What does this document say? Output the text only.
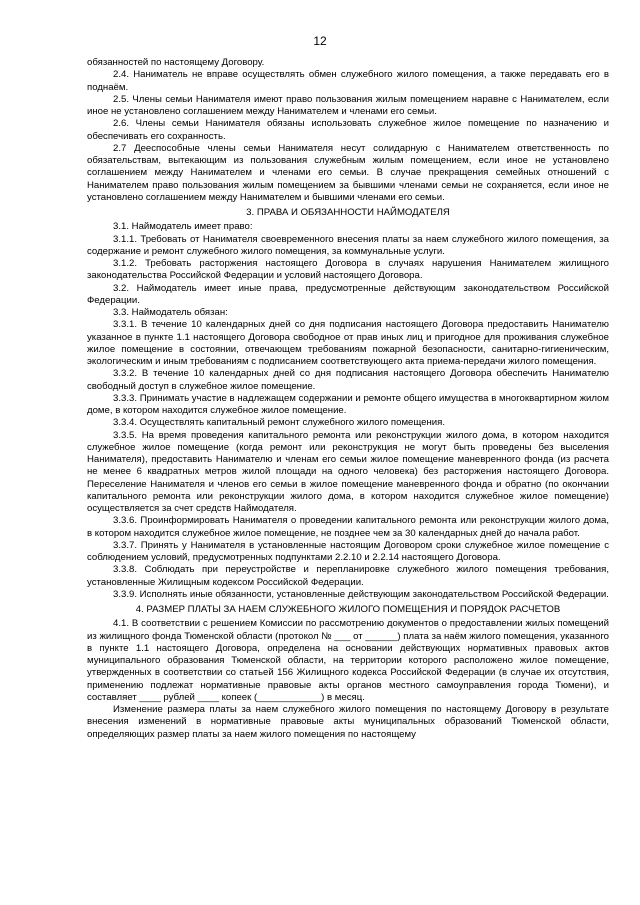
12

обязанностей по настоящему Договору.

2.4. Наниматель не вправе осуществлять обмен служебного жилого помещения, а также передавать его в поднаём.

2.5. Члены семьи Нанимателя имеют право пользования жилым помещением наравне с Нанимателем, если иное не установлено соглашением между Нанимателем и членами его семьи.

2.6. Члены семьи Нанимателя обязаны использовать служебное жилое помещение по назначению и обеспечивать его сохранность.

2.7 Дееспособные члены семьи Нанимателя несут солидарную с Нанимателем ответственность по обязательствам, вытекающим из пользования служебным жилым помещением, если иное не установлено соглашением между Нанимателем и членами его семьи. В случае прекращения семейных отношений с Нанимателем право пользования жилым помещением за бывшими членами семьи не сохраняется, если иное не установлено соглашением между Нанимателем и бывшими членами его семьи.

3. ПРАВА И ОБЯЗАННОСТИ НАЙМОДАТЕЛЯ

3.1. Наймодатель имеет право:

3.1.1. Требовать от Нанимателя своевременного внесения платы за наем служебного жилого помещения, за содержание и ремонт служебного жилого помещения, за коммунальные услуги.

3.1.2. Требовать расторжения настоящего Договора в случаях нарушения Нанимателем жилищного законодательства Российской Федерации и условий настоящего Договора.

3.2. Наймодатель имеет иные права, предусмотренные действующим законодательством Российской Федерации.

3.3. Наймодатель обязан:

3.3.1. В течение 10 календарных дней со дня подписания настоящего Договора предоставить Нанимателю указанное в пункте 1.1 настоящего Договора свободное от прав иных лиц и пригодное для проживания служебное жилое помещение в состоянии, отвечающем требованиям пожарной безопасности, санитарно-гигиеническим, экологическим и иным требованиям с подписанием соответствующего акта приема-передачи жилого помещения.

3.3.2. В течение 10 календарных дней со дня подписания настоящего Договора обеспечить Нанимателю свободный доступ в служебное жилое помещение.

3.3.3. Принимать участие в надлежащем содержании и ремонте общего имущества в многоквартирном жилом доме, в котором находится служебное жилое помещение.

3.3.4. Осуществлять капитальный ремонт служебного жилого помещения.

3.3.5. На время проведения капитального ремонта или реконструкции жилого дома, в котором находится служебное жилое помещение (когда ремонт или реконструкция не могут быть проведены без выселения Нанимателя), предоставить Нанимателю и членам его семьи жилое помещение маневренного фонда (из расчета не менее 6 квадратных метров жилой площади на одного человека) без расторжения настоящего Договора. Переселение Нанимателя и членов его семьи в жилое помещение маневренного фонда и обратно (по окончании капитального ремонта или реконструкции жилого дома, в котором находится служебное жилое помещение) осуществляется за счет средств Наймодателя.

3.3.6. Проинформировать Нанимателя о проведении капитального ремонта или реконструкции жилого дома, в котором находится служебное жилое помещение, не позднее чем за 30 календарных дней до начала работ.

3.3.7. Принять у Нанимателя в установленные настоящим Договором сроки служебное жилое помещение с соблюдением условий, предусмотренных подпунктами 2.2.10 и 2.2.14 настоящего Договора.

3.3.8. Соблюдать при переустройстве и перепланировке служебного жилого помещения требования, установленные Жилищным кодексом Российской Федерации.

3.3.9. Исполнять иные обязанности, установленные действующим законодательством Российской Федерации.

4. РАЗМЕР ПЛАТЫ ЗА НАЕМ СЛУЖЕБНОГО ЖИЛОГО ПОМЕЩЕНИЯ И ПОРЯДОК РАСЧЕТОВ

4.1. В соответствии с решением Комиссии по рассмотрению документов о предоставлении жилых помещений из жилищного фонда Тюменской области (протокол № ___ от ______) плата за наём жилого помещения, указанного в пункте 1.1 настоящего Договора, определена на основании действующих нормативных правовых актов муниципального образования Тюменской области, на территории которого расположено жилое помещение, утвержденных в соответствии со статьей 156 Жилищного кодекса Российской Федерации (в случае их отсутствия, применению подлежат нормативные правовые акты органов местного самоуправления города Тюмени), и составляет ____ рублей ____ копеек (____________) в месяц.

Изменение размера платы за наем служебного жилого помещения по настоящему Договору в результате внесения изменений в нормативные правовые акты муниципальных образований Тюменской области, определяющих размер платы за наем жилого помещения по настоящему
